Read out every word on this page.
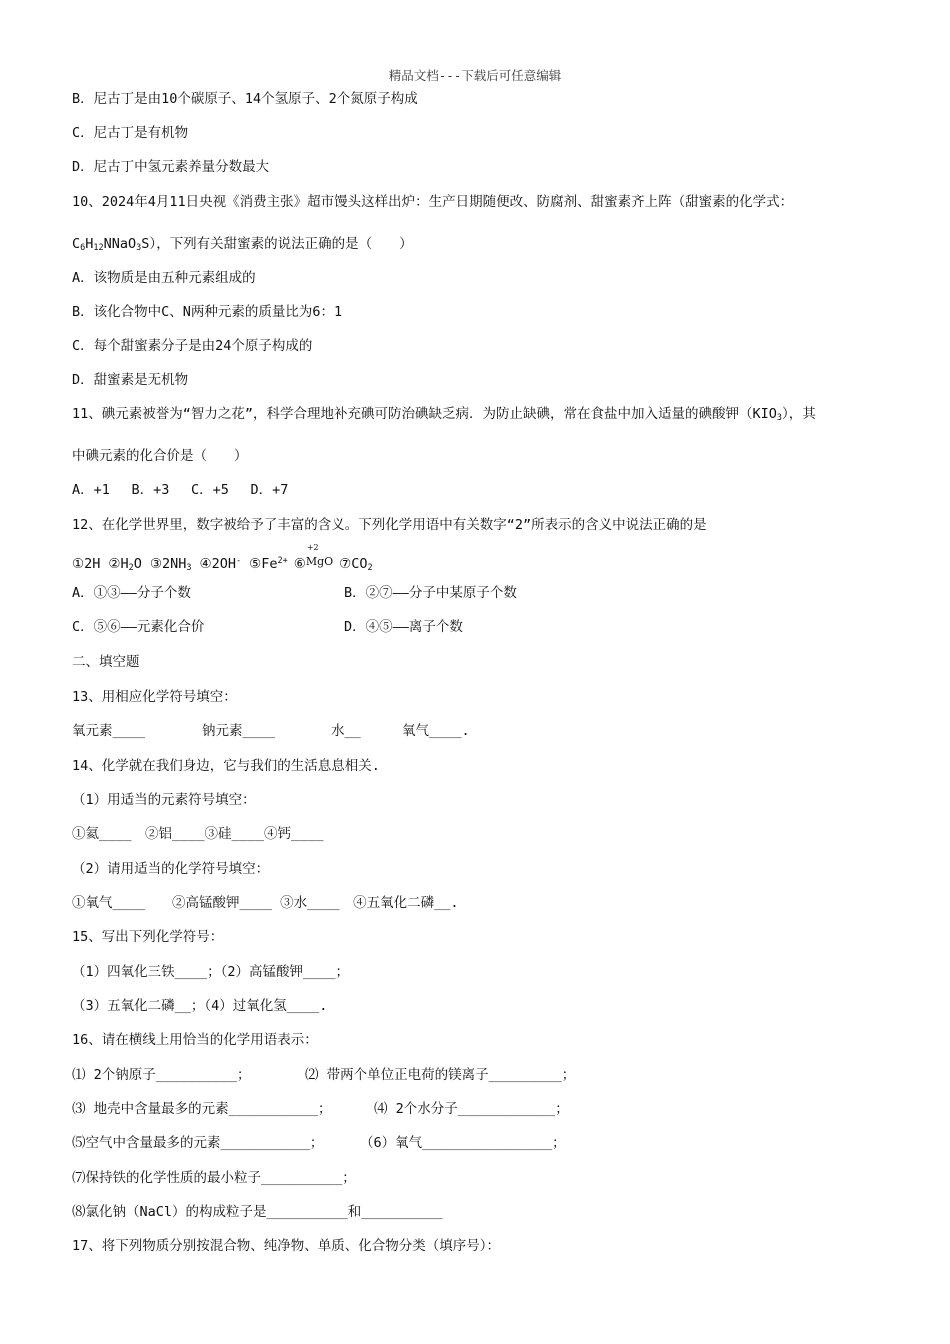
精品文档---下载后可任意编辑
B．尼古丁是由10个碳原子、14个氢原子、2个氮原子构成
C．尼古丁是有机物
D．尼古丁中氢元素养量分数最大
10、2024年4月11日央视《消费主张》超市馒头这样出炉：生产日期随便改、防腐剂、甜蜜素齐上阵（甜蜜素的化学式：
$C_6H_{12}NNaO_3S$），下列有关甜蜜素的说法正确的是（　　）
A．该物质是由五种元素组成的
B．该化合物中C、N两种元素的质量比为6：1
C．每个甜蜜素分子是由24个原子构成的
D．甜蜜素是无机物
11、碘元素被誉为“智力之花”，科学合理地补充碘可防治碘缺乏病．为防止缺碘，常在食盐中加入适量的碘酸钾$(KIO_3)$，其
中碘元素的化合价是（　　）
A．+1　 B．+3　 C．+5　 D．+7
12、在化学世界里，数字被给予了丰富的含义。下列化学用语中有关数字“2”所表示的含义中说法正确的是
①2H $②H_2O$ $③2NH_3$ ④2OH- $⑤Fe^{2+}$ ⑥
+2
MgO $⑦CO_2$
A．①③——分子个数	B．②⑦——分子中某原子个数
C．⑤⑥——元素化合价	D．④⑤——离子个数
二、填空题
13、用相应化学符号填空：
氧元素____	钠元素____	水__	氧气____.
14、化学就在我们身边，它与我们的生活息息相关.
（1）用适当的元素符号填空：
①氦____　②铝____③硅____④钙____
（2）请用适当的化学符号填空：
①氧气____　　②高锰酸钾____ ③水____　④五氧化二磷__.
15、写出下列化学符号：
（1）四氧化三铁____；（2）高锰酸钾____；
（3）五氧化二磷__；（4）过氧化氢____.
16、请在横线上用恰当的化学用语表示：
⑴ 2个钠原子__________；	⑵ 带两个单位正电荷的镁离子_________；
⑶ 地壳中含量最多的元素___________；	⑷ 2个水分子____________；
⑸空气中含量最多的元素___________；	（6）氧气________________；
⑺保持铁的化学性质的最小粒子__________；
⑻氯化钠（NaCl）的构成粒子是__________和__________
17、将下列物质分别按混合物、纯净物、单质、化合物分类（填序号）：
